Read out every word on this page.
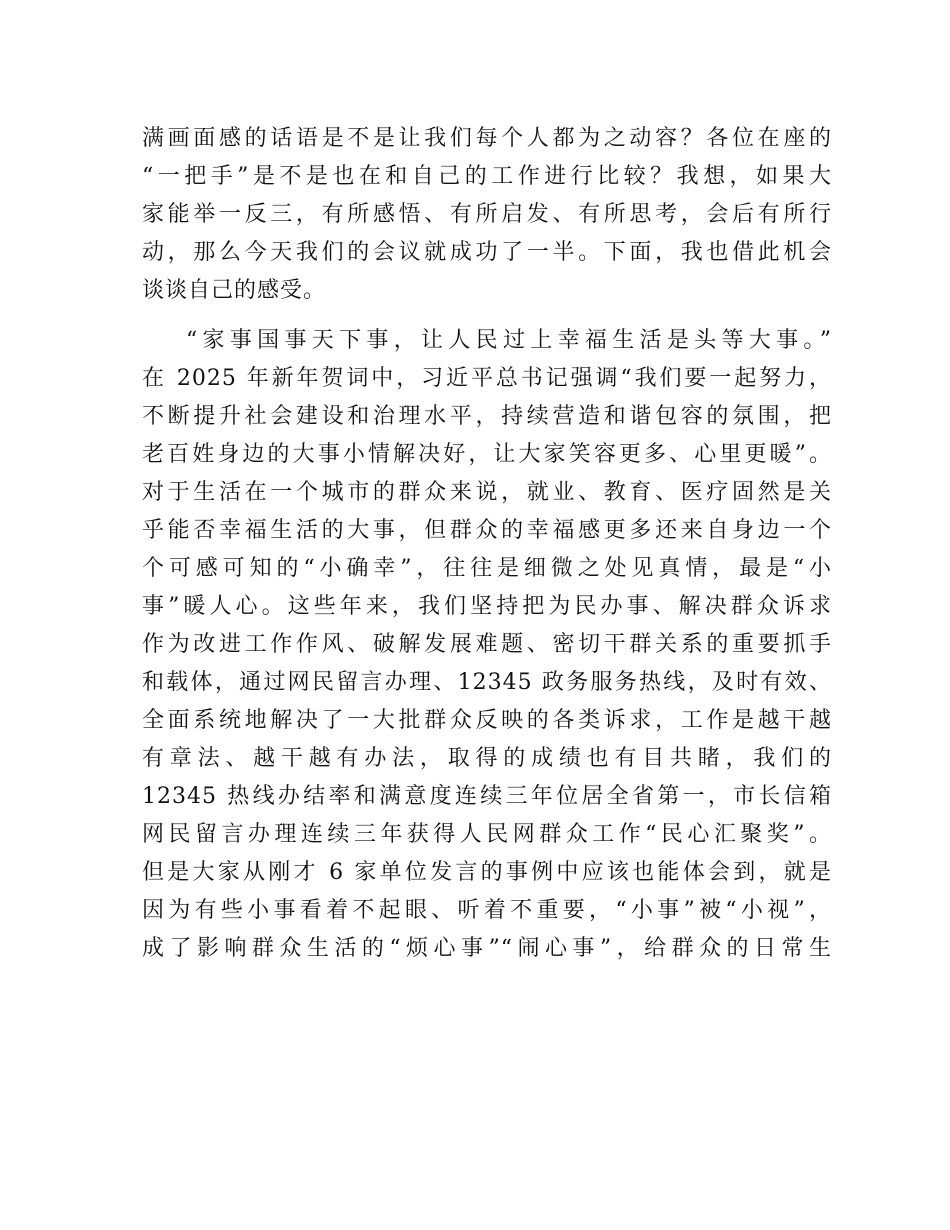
满画面感的话语是不是让我们每个人都为之动容？各位在座的
“一把手”是不是也在和自己的工作进行比较？我想，如果大
家能举一反三，有所感悟、有所启发、有所思考，会后有所行
动，那么今天我们的会议就成功了一半。下面，我也借此机会
谈谈自己的感受。
“家事国事天下事，让人民过上幸福生活是头等大事。”
在 2025 年新年贺词中，习近平总书记强调“我们要一起努力，
不断提升社会建设和治理水平，持续营造和谐包容的氛围，把
老百姓身边的大事小情解决好，让大家笑容更多、心里更暖”。
对于生活在一个城市的群众来说，就业、教育、医疗固然是关
乎能否幸福生活的大事，但群众的幸福感更多还来自身边一个
个可感可知的“小确幸”，往往是细微之处见真情，最是“小
事”暖人心。这些年来，我们坚持把为民办事、解决群众诉求
作为改进工作作风、破解发展难题、密切干群关系的重要抓手
和载体，通过网民留言办理、12345 政务服务热线，及时有效、
全面系统地解决了一大批群众反映的各类诉求，工作是越干越
有章法、越干越有办法，取得的成绩也有目共睹，我们的
12345 热线办结率和满意度连续三年位居全省第一，市长信箱
网民留言办理连续三年获得人民网群众工作“民心汇聚奖”。
但是大家从刚才 6 家单位发言的事例中应该也能体会到，就是
因为有些小事看着不起眼、听着不重要，“小事”被“小视”，
成了影响群众生活的“烦心事”“闹心事”，给群众的日常生
